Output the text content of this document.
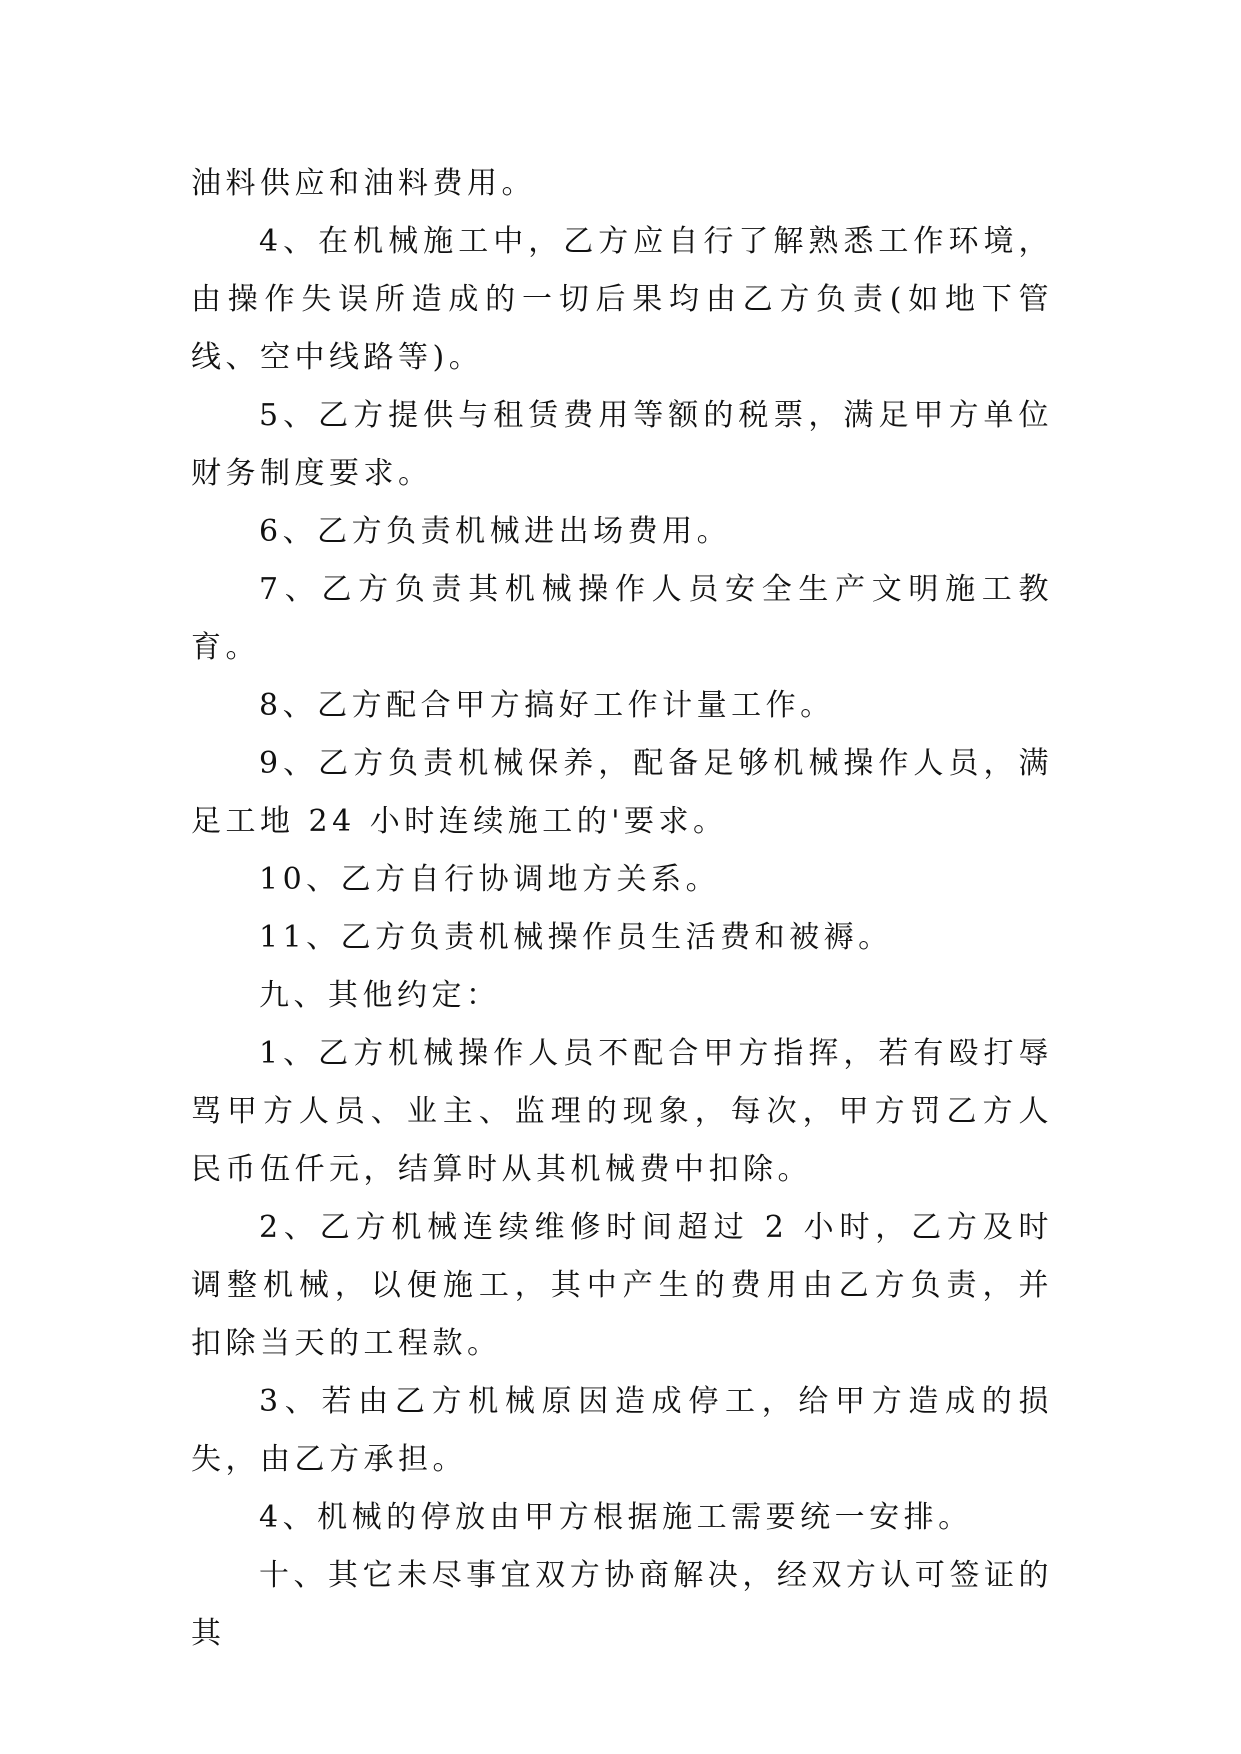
油料供应和油料费用。

4、在机械施工中，乙方应自行了解熟悉工作环境，由操作失误所造成的一切后果均由乙方负责(如地下管线、空中线路等)。

5、乙方提供与租赁费用等额的税票，满足甲方单位财务制度要求。

6、乙方负责机械进出场费用。

7、乙方负责其机械操作人员安全生产文明施工教育。

8、乙方配合甲方搞好工作计量工作。

9、乙方负责机械保养，配备足够机械操作人员，满足工地 24 小时连续施工的'要求。

10、乙方自行协调地方关系。

11、乙方负责机械操作员生活费和被褥。

九、其他约定：

1、乙方机械操作人员不配合甲方指挥，若有殴打辱骂甲方人员、业主、监理的现象，每次，甲方罚乙方人民币伍仟元，结算时从其机械费中扣除。

2、乙方机械连续维修时间超过 2 小时，乙方及时调整机械，以便施工，其中产生的费用由乙方负责，并扣除当天的工程款。

3、若由乙方机械原因造成停工，给甲方造成的损失，由乙方承担。

4、机械的停放由甲方根据施工需要统一安排。

十、其它未尽事宜双方协商解决，经双方认可签证的其
